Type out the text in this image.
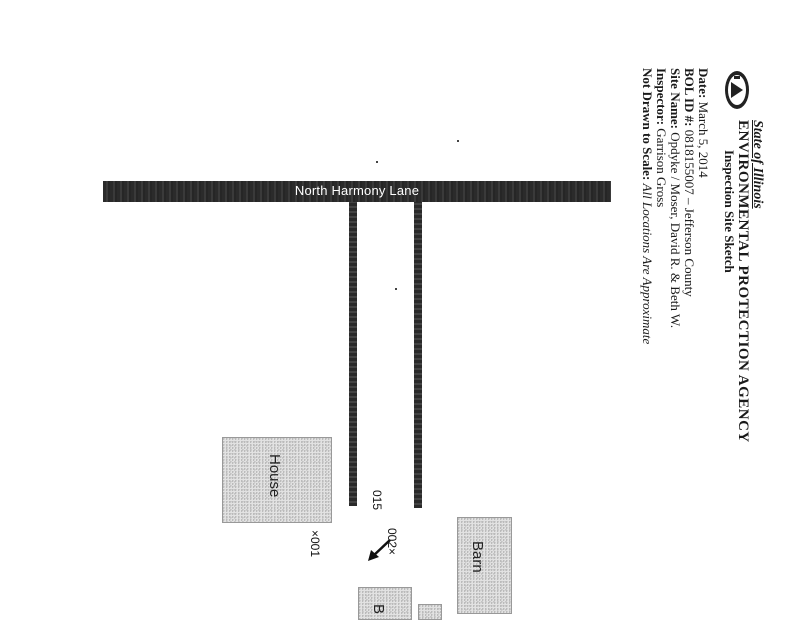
State of Illinois
ENVIRONMENTAL PROTECTION AGENCY
Inspection Site Sketch
Date: March 5, 2014
BOL ID #: 0818155007 – Jefferson County
Site Name: Opdyke / Moser, David R. & Beth W.
Inspector: Garrison Gross
Not Drawn to Scale: All Locations Are Approximate
North Harmony Lane
House
Barn
B
×001
015
002×
